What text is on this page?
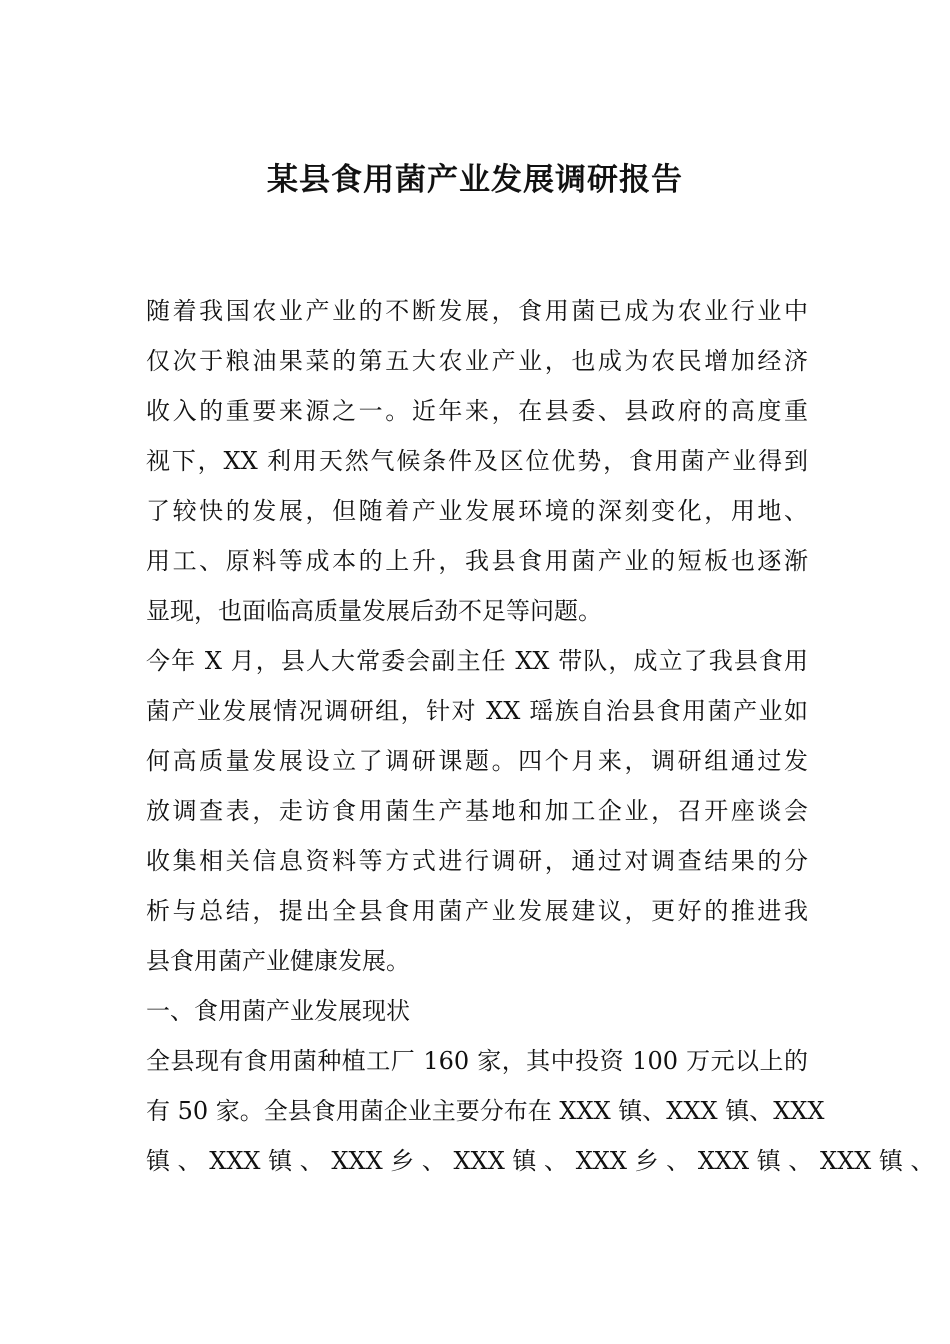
某县食用菌产业发展调研报告
随着我国农业产业的不断发展，食用菌已成为农业行业中
仅次于粮油果菜的第五大农业产业，也成为农民增加经济
收入的重要来源之一。近年来，在县委、县政府的高度重
视下，XX 利用天然气候条件及区位优势，食用菌产业得到
了较快的发展，但随着产业发展环境的深刻变化，用地、
用工、原料等成本的上升，我县食用菌产业的短板也逐渐
显现，也面临高质量发展后劲不足等问题。
今年 X 月，县人大常委会副主任 XX 带队，成立了我县食用
菌产业发展情况调研组，针对 XX 瑶族自治县食用菌产业如
何高质量发展设立了调研课题。四个月来，调研组通过发
放调查表，走访食用菌生产基地和加工企业，召开座谈会
收集相关信息资料等方式进行调研，通过对调查结果的分
析与总结，提出全县食用菌产业发展建议，更好的推进我
县食用菌产业健康发展。
一、食用菌产业发展现状
全县现有食用菌种植工厂 160 家，其中投资 100 万元以上的
有 50 家。全县食用菌企业主要分布在 XXX 镇、XXX 镇、XXX
镇 、 XXX 镇 、 XXX 乡 、 XXX 镇 、 XXX 乡 、 XXX 镇 、 XXX 镇 、
